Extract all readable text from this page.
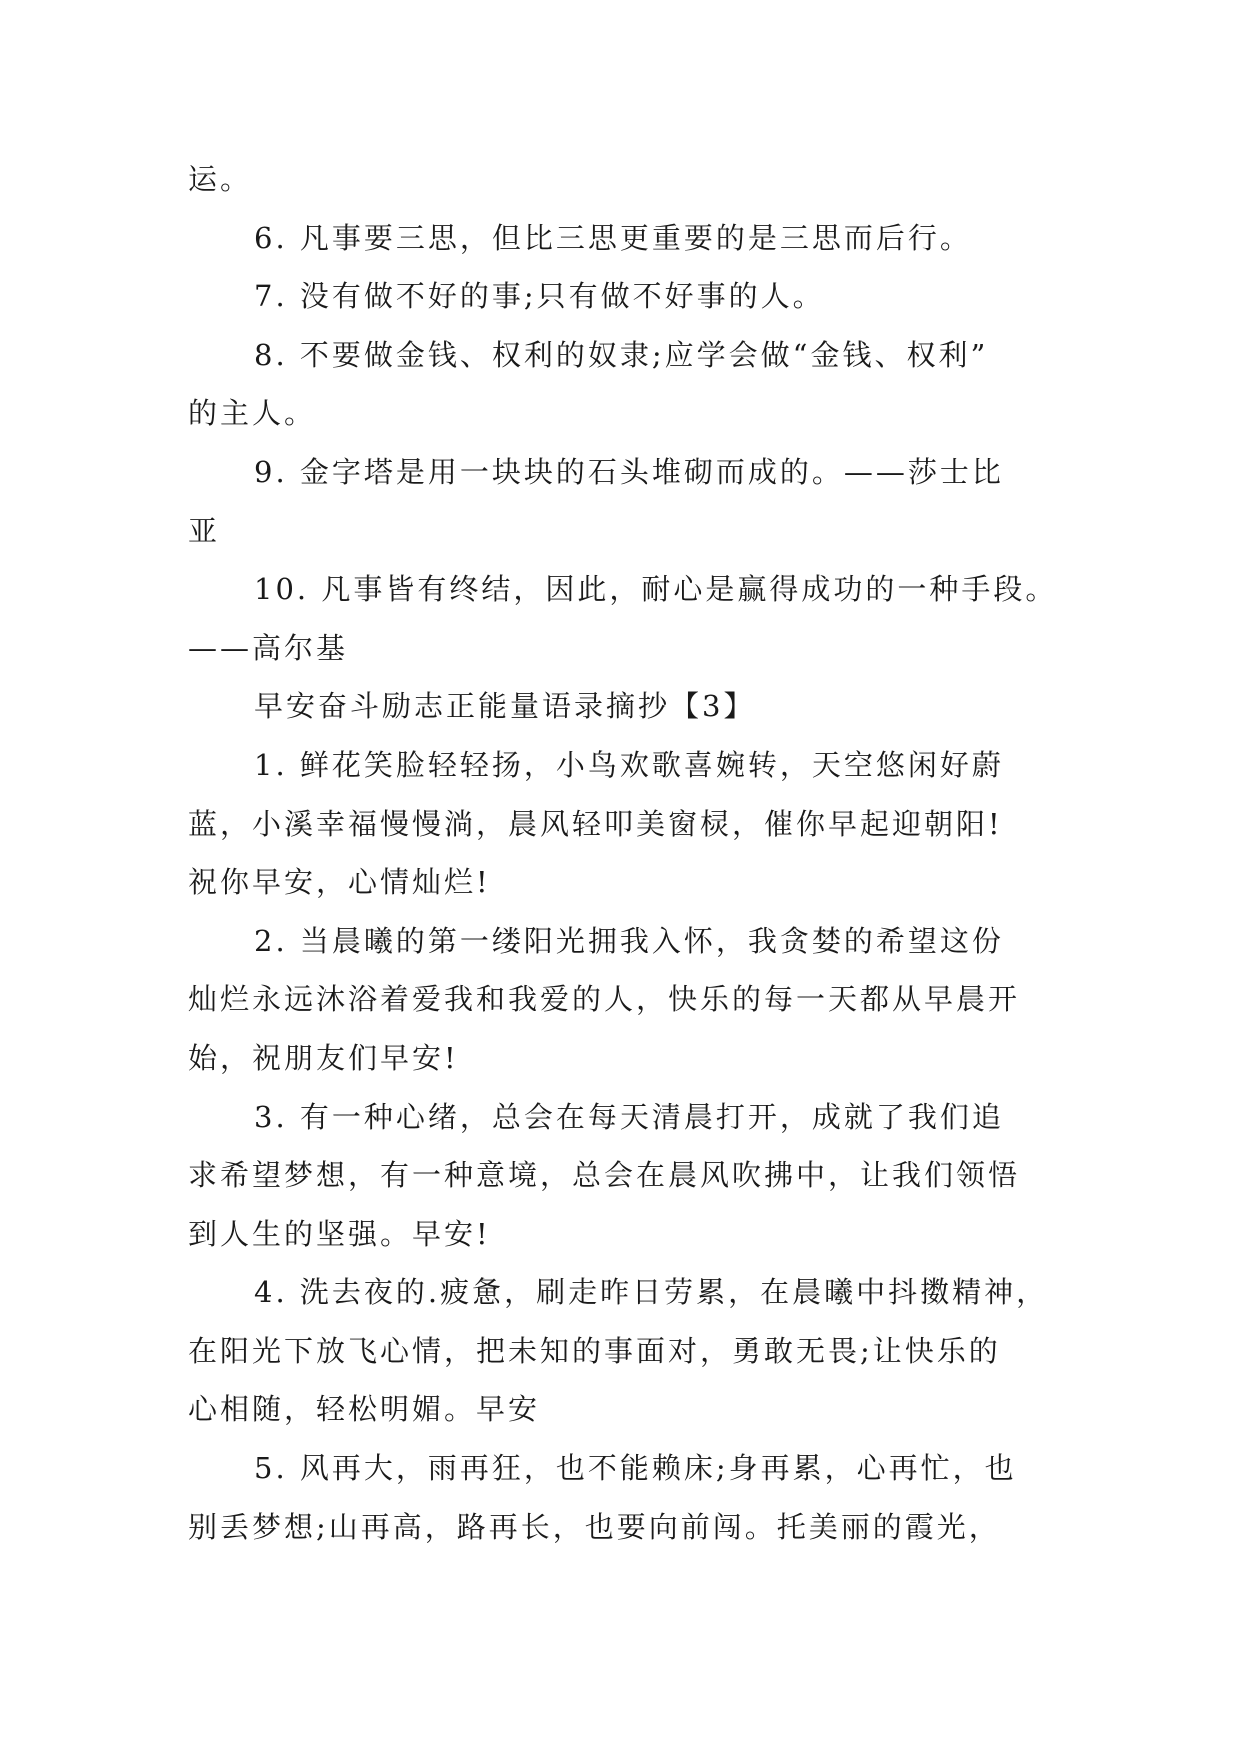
运。
6. 凡事要三思，但比三思更重要的是三思而后行。
7. 没有做不好的事;只有做不好事的人。
8. 不要做金钱、权利的奴隶;应学会做“金钱、权利”
的主人。
9. 金字塔是用一块块的石头堆砌而成的。——莎士比
亚
10. 凡事皆有终结，因此，耐心是赢得成功的一种手段。
——高尔基
早安奋斗励志正能量语录摘抄【3】
1. 鲜花笑脸轻轻扬，小鸟欢歌喜婉转，天空悠闲好蔚
蓝，小溪幸福慢慢淌，晨风轻叩美窗棂，催你早起迎朝阳!
祝你早安，心情灿烂!
2. 当晨曦的第一缕阳光拥我入怀，我贪婪的希望这份
灿烂永远沐浴着爱我和我爱的人，快乐的每一天都从早晨开
始，祝朋友们早安!
3. 有一种心绪，总会在每天清晨打开，成就了我们追
求希望梦想，有一种意境，总会在晨风吹拂中，让我们领悟
到人生的坚强。早安!
4. 洗去夜的.疲惫，刷走昨日劳累，在晨曦中抖擞精神，
在阳光下放飞心情，把未知的事面对，勇敢无畏;让快乐的
心相随，轻松明媚。早安
5. 风再大，雨再狂，也不能赖床;身再累，心再忙，也
别丢梦想;山再高，路再长，也要向前闯。托美丽的霞光，
